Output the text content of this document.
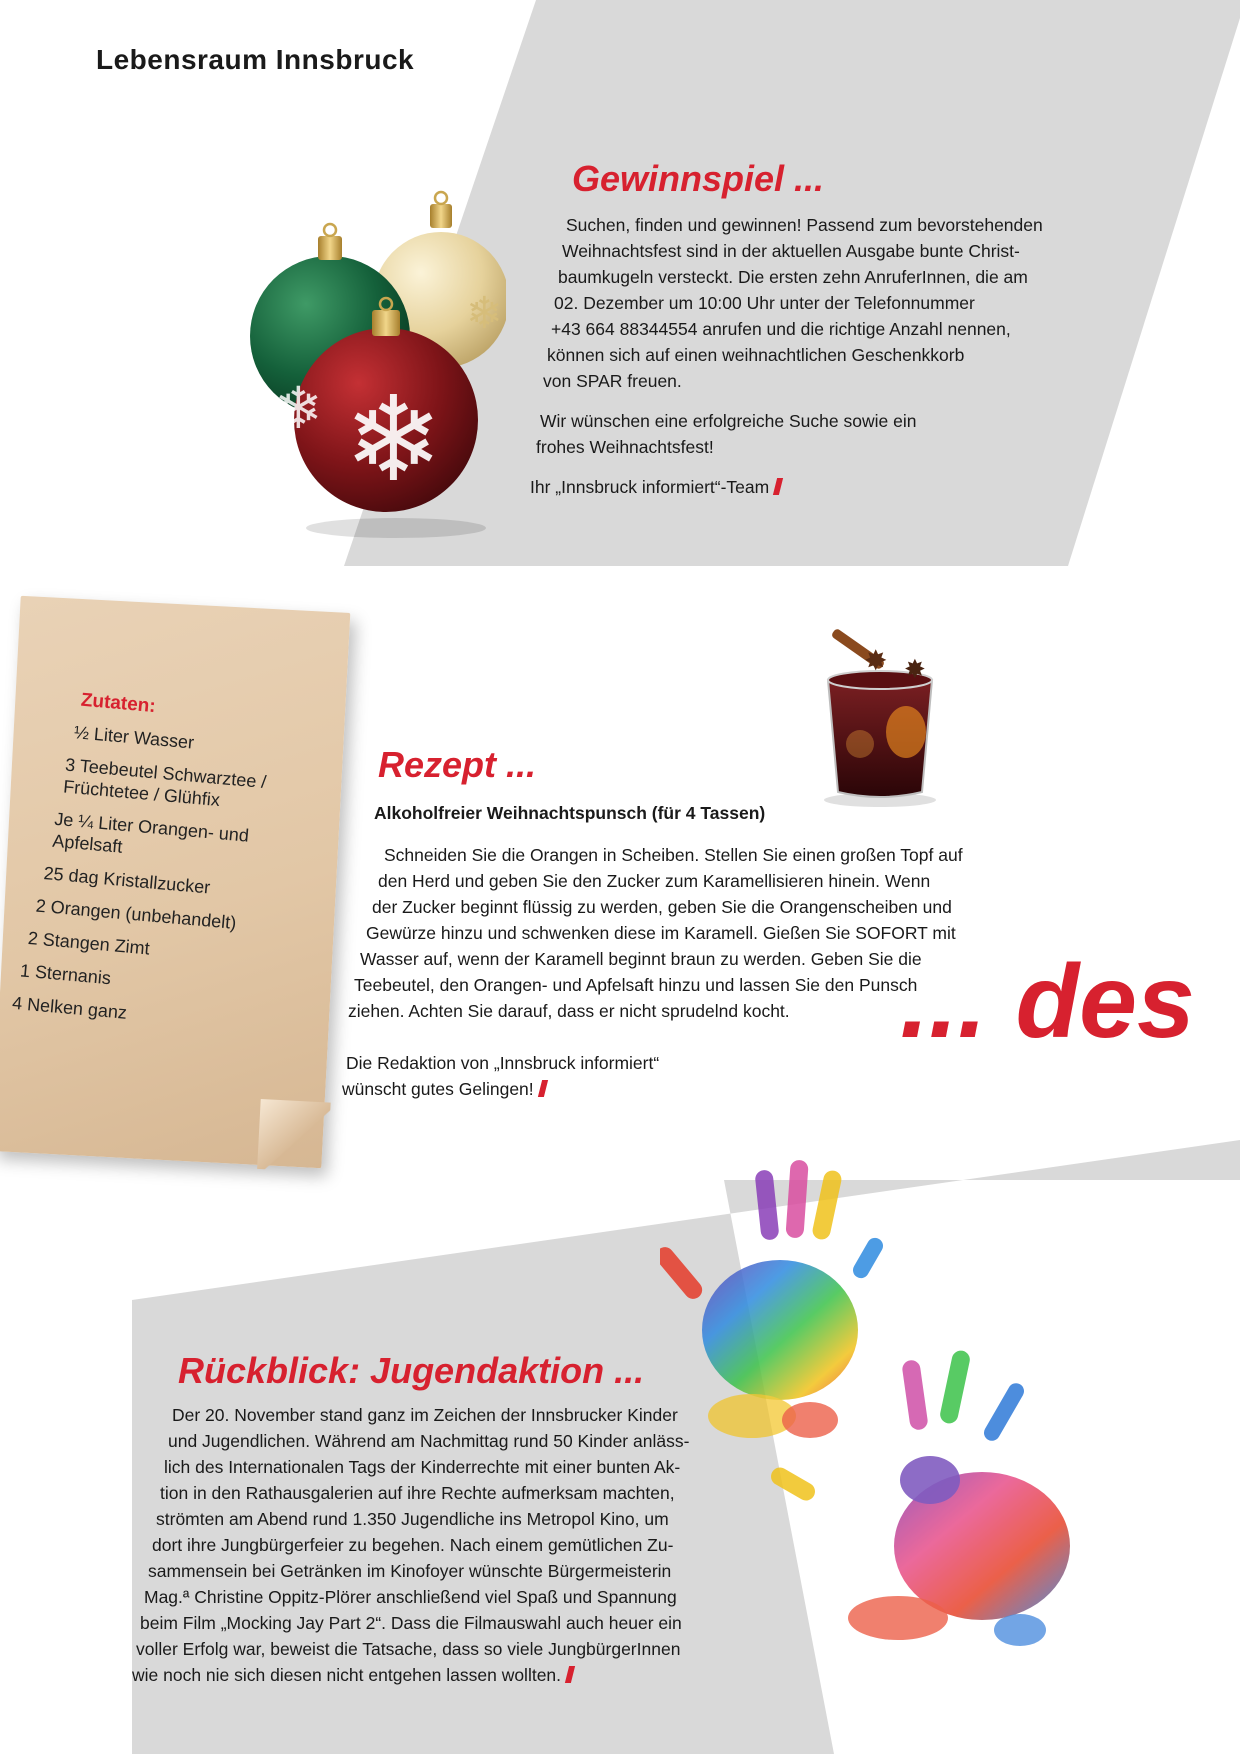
Lebensraum Innsbruck
❄
❄
❄
Gewinnspiel ...
Suchen, finden und gewinnen! Passend zum bevorstehenden
Weihnachtsfest sind in der aktuellen Ausgabe bunte Christ-
baumkugeln versteckt. Die ersten zehn AnruferInnen, die am
02. Dezember um 10:00 Uhr unter der Telefonnummer
+43 664 88344554 anrufen und die richtige Anzahl nennen,
können sich auf einen weihnachtlichen Geschenkkorb
von SPAR freuen.
Wir wünschen eine erfolgreiche Suche sowie ein
frohes Weihnachtsfest!
Ihr „Innsbruck informiert“-Team
Zutaten:
½ Liter Wasser
3 Teebeutel Schwarztee / Früchtetee / Glühfix
Je ¼ Liter Orangen- und Apfelsaft
25 dag Kristallzucker
2 Orangen (unbehandelt)
2 Stangen Zimt
1 Sternanis
4 Nelken ganz
✸ ✸
Rezept ...
Alkoholfreier Weihnachtspunsch (für 4 Tassen)
Schneiden Sie die Orangen in Scheiben. Stellen Sie einen großen Topf auf
den Herd und geben Sie den Zucker zum Karamellisieren hinein. Wenn
der Zucker beginnt flüssig zu werden, geben Sie die Orangenscheiben und
Gewürze hinzu und schwenken diese im Karamell. Gießen Sie SOFORT mit
Wasser auf, wenn der Karamell beginnt braun zu werden. Geben Sie die
Teebeutel, den Orangen- und Apfelsaft hinzu und lassen Sie den Punsch
ziehen. Achten Sie darauf, dass er nicht sprudelnd kocht.
Die Redaktion von „Innsbruck informiert“
wünscht gutes Gelingen!
... des
Rückblick: Jugendaktion ...
Der 20. November stand ganz im Zeichen der Innsbrucker Kinder
und Jugendlichen. Während am Nachmittag rund 50 Kinder anläss-
lich des Internationalen Tags der Kinderrechte mit einer bunten Ak-
tion in den Rathausgalerien auf ihre Rechte aufmerksam machten,
strömten am Abend rund 1.350 Jugendliche ins Metropol Kino, um
dort ihre Jungbürgerfeier zu begehen. Nach einem gemütlichen Zu-
sammensein bei Getränken im Kinofoyer wünschte Bürgermeisterin
Mag.ª Christine Oppitz-Plörer anschließend viel Spaß und Spannung
beim Film „Mocking Jay Part 2“. Dass die Filmauswahl auch heuer ein
voller Erfolg war, beweist die Tatsache, dass so viele JungbürgerInnen
wie noch nie sich diesen nicht entgehen lassen wollten.
